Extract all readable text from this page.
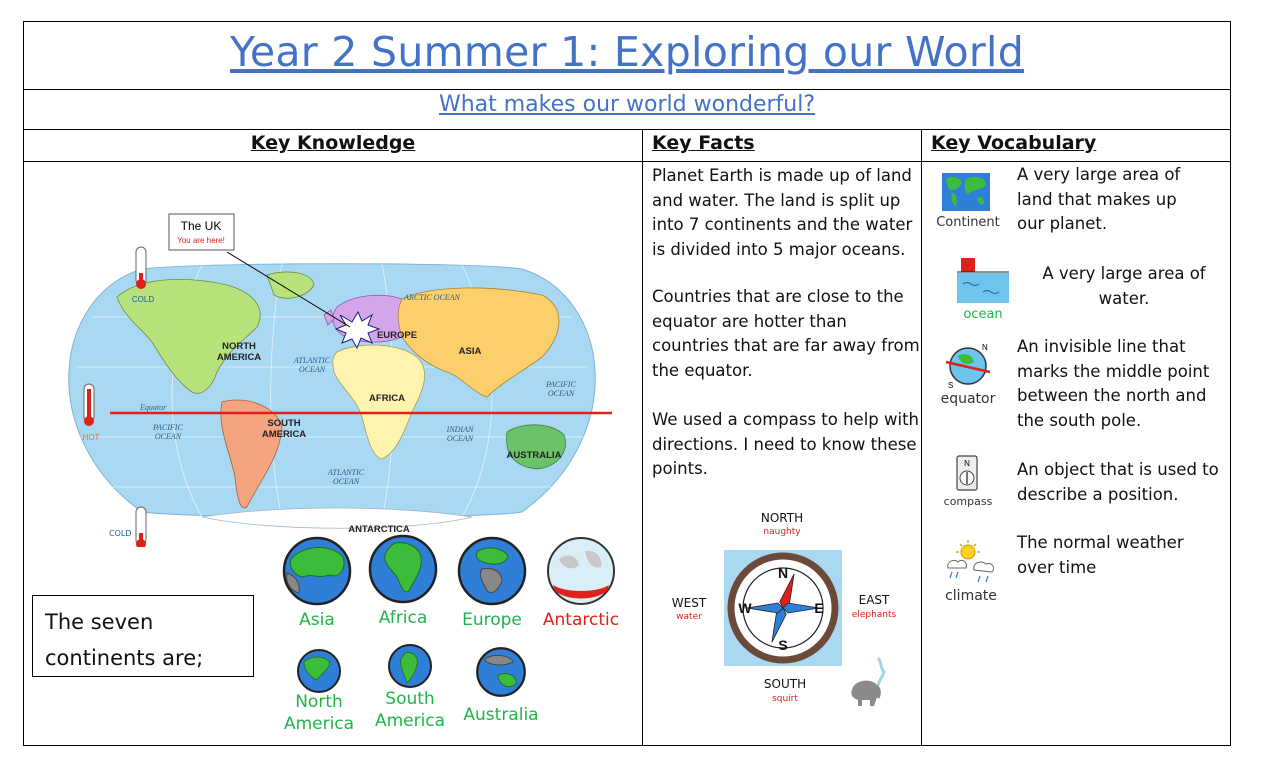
Year 2 Summer 1: Exploring our World
What makes our world wonderful?
Key Knowledge	Key Facts	Key Vocabulary
The UK
You are here!
NORTH
AMERICA
SOUTH
AMERICA
EUROPE
ASIA
AFRICA
AUSTRALIA
ANTARCTICA
ARCTIC OCEAN
ATLANTIC
OCEAN
ATLANTIC
OCEAN
PACIFIC
OCEAN
PACIFIC
OCEAN
INDIAN
OCEAN
Equator
COLD
HOT
COLD
The seven continents are;
Asia	Africa	Europe	Antarctic
North America
South America Australia
Planet Earth is made up of land and water. The land is split up into 7 continents and the water is divided into 5 major oceans.
Countries that are close to the equator are hotter than countries that are far away from the equator.
We used a compass to help with directions. I need to know these points.
NORTH
naughty
EAST
elephants
WEST
water
SOUTH
squirt
N
E
S
W
Continent
A very large area of land that makes up our planet.
ocean
A very large area of water.
N
S
equator
An invisible line that marks the middle point between the north and the south pole.
N
compass
An object that is used to describe a position.
climate
The normal weather over time
